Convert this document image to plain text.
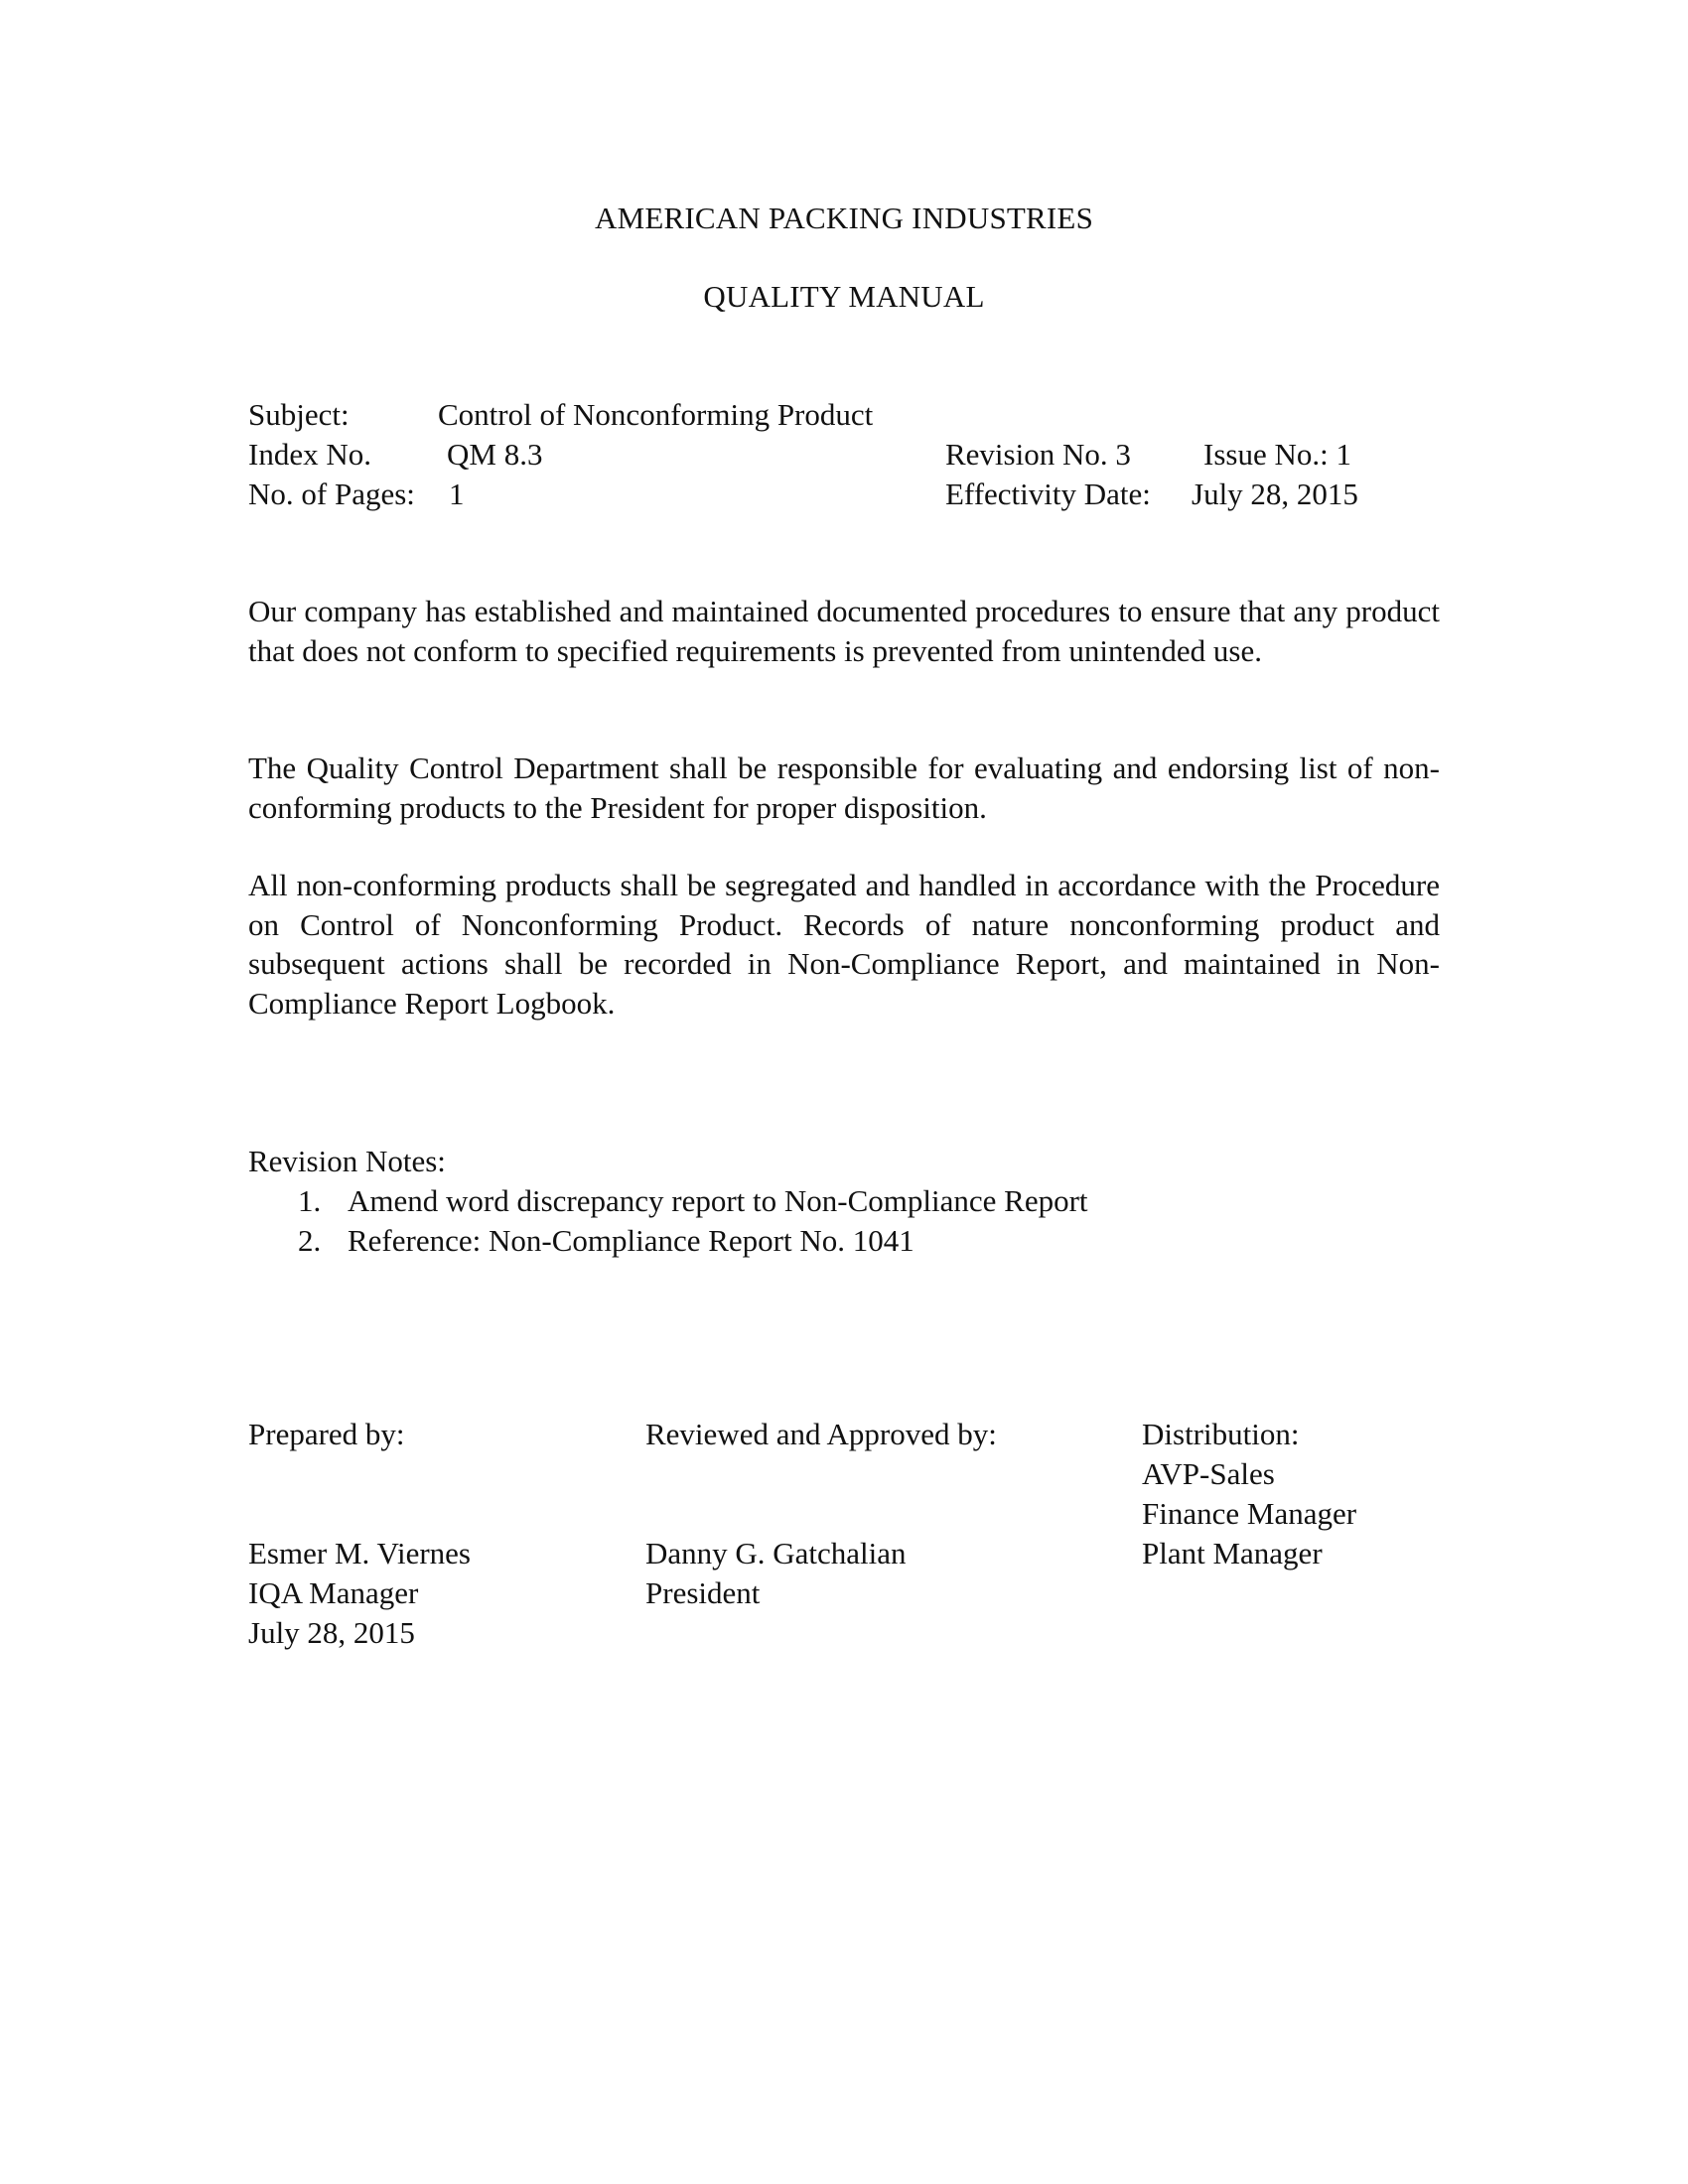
AMERICAN PACKING INDUSTRIES
QUALITY MANUAL
Subject:	Control of Nonconforming Product
Index No. QM 8.3
No. of Pages: 1
Revision No. 3 Issue No.: 1
Effectivity Date: July 28, 2015

Our company has established and maintained documented procedures to ensure that any product that does not conform to specified requirements is prevented from unintended use.

The Quality Control Department shall be responsible for evaluating and endorsing list of non-conforming products to the President for proper disposition.

All non-conforming products shall be segregated and handled in accordance with the Procedure on Control of Nonconforming Product. Records of nature nonconforming product and subsequent actions shall be recorded in Non-Compliance Report, and maintained in Non-Compliance Report Logbook.

Revision Notes:
1. Amend word discrepancy report to Non-Compliance Report
2. Reference: Non-Compliance Report No. 1041
Prepared by:
Esmer M. Viernes
IQA Manager
July 28, 2015
Reviewed and Approved by:
Danny G. Gatchalian
President
Distribution:
AVP-Sales
Finance Manager
Plant Manager
